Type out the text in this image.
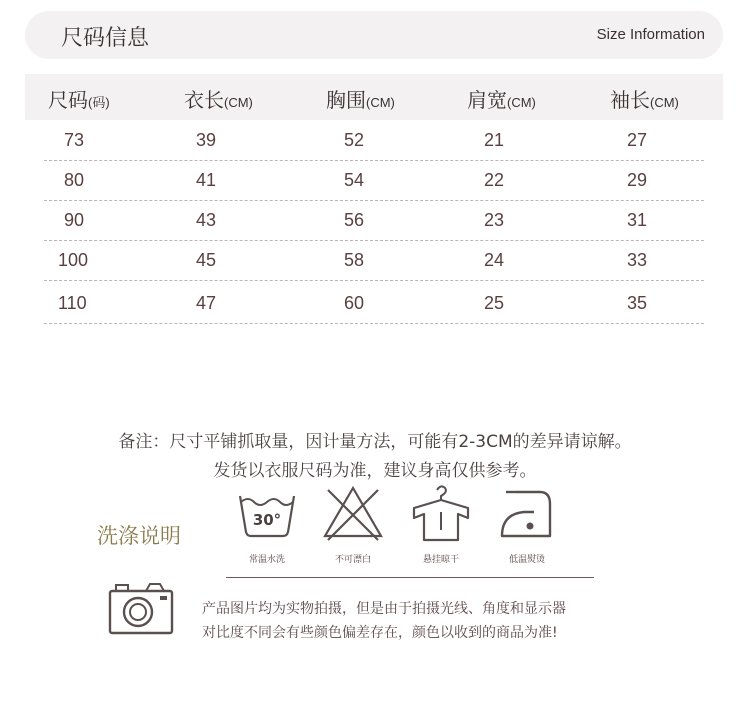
尺码信息	Size Information
尺码(码)	衣长(CM)	胸围(CM)	肩宽(CM)	袖长(CM)
73	39	52	21	27
80	41	54	22	29
90	43	56	23	31
100	45	58	24	33
110	47	60	25	35
备注：尺寸平铺抓取量，因计量方法，可能有2-3CM的差异请谅解。
发货以衣服尺码为准，建议身高仅供参考。
洗涤说明
30°
常温水洗	不可漂白	悬挂晾干	低温熨烫
产品图片均为实物拍摄，但是由于拍摄光线、角度和显示器
对比度不同会有些颜色偏差存在，颜色以收到的商品为准!
